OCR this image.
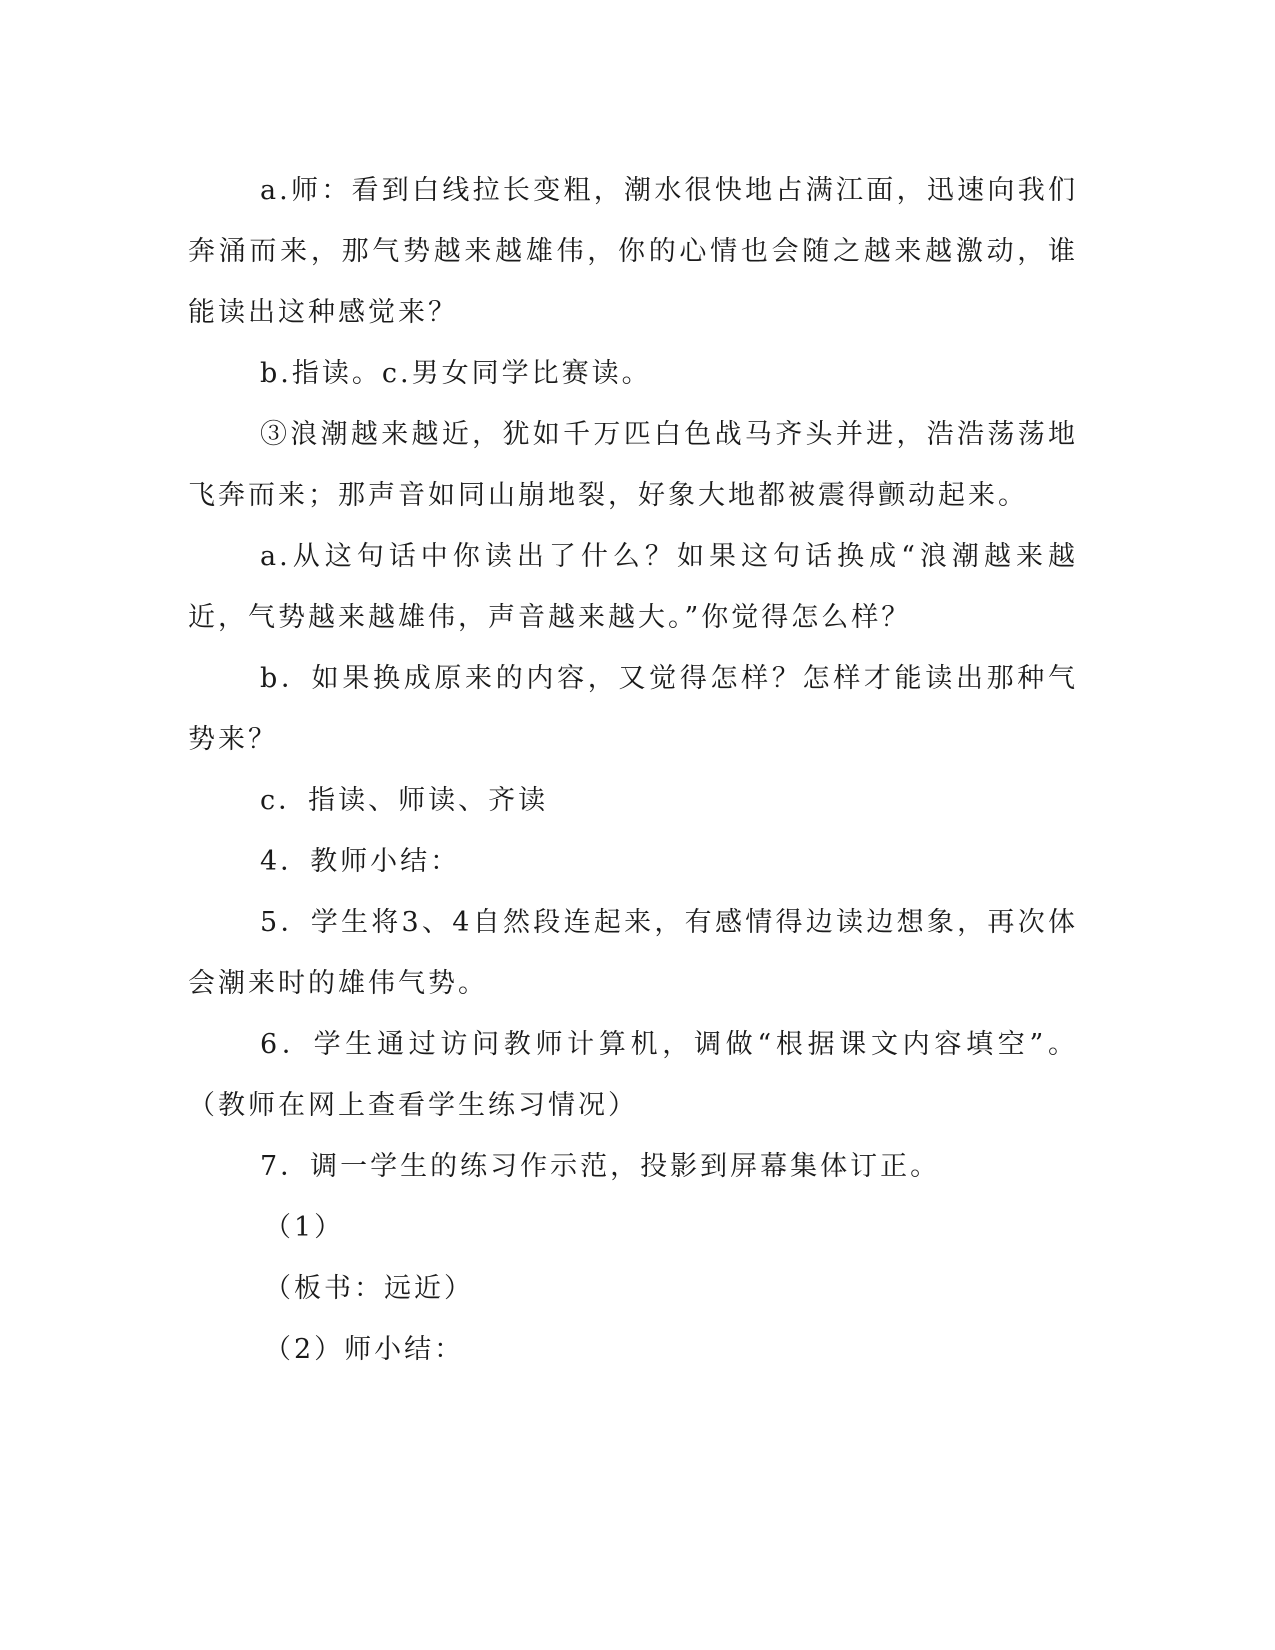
a.师：看到白线拉长变粗，潮水很快地占满江面，迅速向我们奔涌而来，那气势越来越雄伟，你的心情也会随之越来越激动，谁能读出这种感觉来？

b.指读。c.男女同学比赛读。

③浪潮越来越近，犹如千万匹白色战马齐头并进，浩浩荡荡地飞奔而来；那声音如同山崩地裂，好象大地都被震得颤动起来。

a.从这句话中你读出了什么？如果这句话换成“浪潮越来越近，气势越来越雄伟，声音越来越大。”你觉得怎么样？

b．如果换成原来的内容，又觉得怎样？怎样才能读出那种气势来？

c．指读、师读、齐读

4．教师小结：

5．学生将3、4自然段连起来，有感情得边读边想象，再次体会潮来时的雄伟气势。

6．学生通过访问教师计算机，调做“根据课文内容填空”。（教师在网上查看学生练习情况）

7．调一学生的练习作示范，投影到屏幕集体订正。

（1）

（板书：远近）

（2）师小结：
